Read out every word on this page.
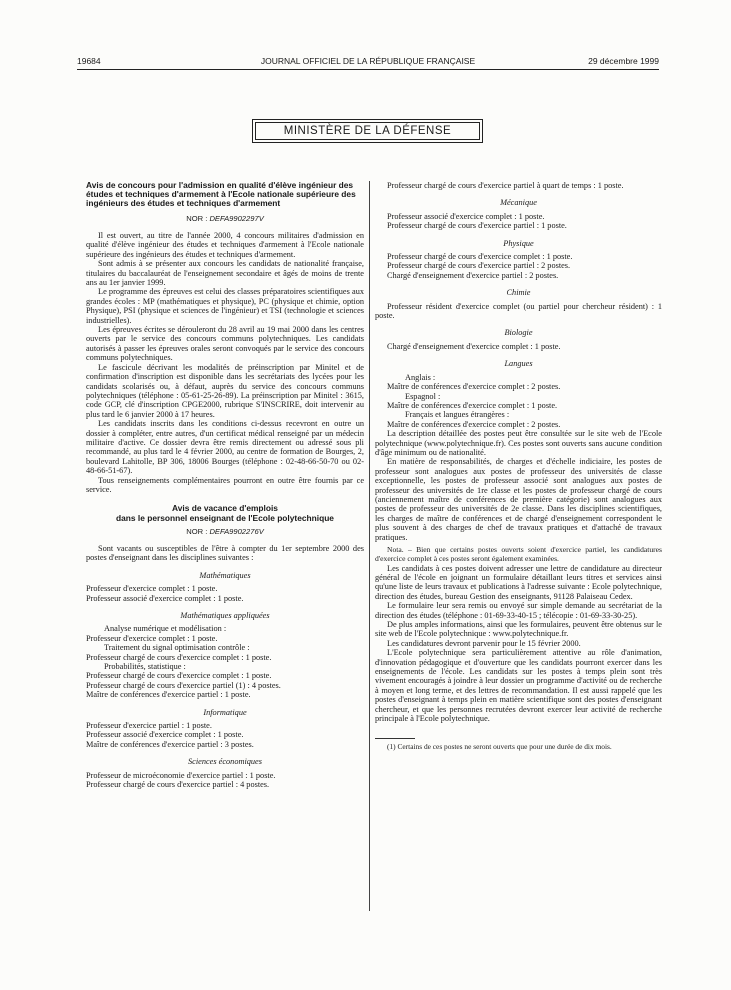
19684	JOURNAL OFFICIEL DE LA RÉPUBLIQUE FRANÇAISE	29 décembre 1999
MINISTÈRE DE LA DÉFENSE

Avis de concours pour l'admission en qualité d'élève ingénieur des études et techniques d'armement à l'Ecole nationale supérieure des ingénieurs des études et techniques d'armement

NOR : DEFA9902297V

Il est ouvert, au titre de l'année 2000, 4 concours militaires d'admission en qualité d'élève ingénieur des études et techniques d'armement à l'Ecole nationale supérieure des ingénieurs des études et techniques d'armement.

Sont admis à se présenter aux concours les candidats de nationalité française, titulaires du baccalauréat de l'enseignement secondaire et âgés de moins de trente ans au 1er janvier 1999.

Le programme des épreuves est celui des classes préparatoires scientifiques aux grandes écoles : MP (mathématiques et physique), PC (physique et chimie, option Physique), PSI (physique et sciences de l'ingénieur) et TSI (technologie et sciences industrielles).

Les épreuves écrites se dérouleront du 28 avril au 19 mai 2000 dans les centres ouverts par le service des concours communs polytechniques. Les candidats autorisés à passer les épreuves orales seront convoqués par le service des concours communs polytechniques.

Le fascicule décrivant les modalités de préinscription par Minitel et de confirmation d'inscription est disponible dans les secrétariats des lycées pour les candidats scolarisés ou, à défaut, auprès du service des concours communs polytechniques (téléphone : 05-61-25-26-89). La préinscription par Minitel : 3615, code GCP, clé d'inscription CPGE2000, rubrique S'INSCRIRE, doit intervenir au plus tard le 6 janvier 2000 à 17 heures.

Les candidats inscrits dans les conditions ci-dessus recevront en outre un dossier à compléter, entre autres, d'un certificat médical renseigné par un médecin militaire d'active. Ce dossier devra être remis directement ou adressé sous pli recommandé, au plus tard le 4 février 2000, au centre de formation de Bourges, 2, boulevard Lahitolle, BP 306, 18006 Bourges (téléphone : 02-48-66-50-70 ou 02-48-66-51-67).

Tous renseignements complémentaires pourront en outre être fournis par ce service.

Avis de vacance d'emplois
dans le personnel enseignant de l'Ecole polytechnique
NOR : DEFA9902276V

Sont vacants ou susceptibles de l'être à compter du 1er septembre 2000 des postes d'enseignant dans les disciplines suivantes :

Mathématiques

Professeur d'exercice complet : 1 poste.

Professeur associé d'exercice complet : 1 poste.

Mathématiques appliquées

Analyse numérique et modélisation :

Professeur d'exercice complet : 1 poste.

Traitement du signal optimisation contrôle :

Professeur chargé de cours d'exercice complet : 1 poste.

Probabilités, statistique :

Professeur chargé de cours d'exercice complet : 1 poste.

Professeur chargé de cours d'exercice partiel (1) : 4 postes.

Maître de conférences d'exercice partiel : 1 poste.

Informatique

Professeur d'exercice partiel : 1 poste.

Professeur associé d'exercice complet : 1 poste.

Maître de conférences d'exercice partiel : 3 postes.

Sciences économiques

Professeur de microéconomie d'exercice partiel : 1 poste.

Professeur chargé de cours d'exercice partiel : 4 postes.

Professeur chargé de cours d'exercice partiel à quart de temps : 1 poste.

Mécanique

Professeur associé d'exercice complet : 1 poste.

Professeur chargé de cours d'exercice partiel : 1 poste.

Physique

Professeur chargé de cours d'exercice complet : 1 poste.

Professeur chargé de cours d'exercice partiel : 2 postes.

Chargé d'enseignement d'exercice partiel : 2 postes.

Chimie

Professeur résident d'exercice complet (ou partiel pour chercheur résident) : 1 poste.

Biologie

Chargé d'enseignement d'exercice complet : 1 poste.

Langues

Anglais :

Maître de conférences d'exercice complet : 2 postes.

Espagnol :

Maître de conférences d'exercice complet : 1 poste.

Français et langues étrangères :

Maître de conférences d'exercice complet : 2 postes.

La description détaillée des postes peut être consultée sur le site web de l'Ecole polytechnique (www.polytechnique.fr). Ces postes sont ouverts sans aucune condition d'âge minimum ou de nationalité.

En matière de responsabilités, de charges et d'échelle indiciaire, les postes de professeur sont analogues aux postes de professeur des universités de classe exceptionnelle, les postes de professeur associé sont analogues aux postes de professeur des universités de 1re classe et les postes de professeur chargé de cours (anciennement maître de conférences de première catégorie) sont analogues aux postes de professeur des universités de 2e classe. Dans les disciplines scientifiques, les charges de maître de conférences et de chargé d'enseignement correspondent le plus souvent à des charges de chef de travaux pratiques et d'attaché de travaux pratiques.

Nota. – Bien que certains postes ouverts soient d'exercice partiel, les candidatures d'exercice complet à ces postes seront également examinées.

Les candidats à ces postes doivent adresser une lettre de candidature au directeur général de l'école en joignant un formulaire détaillant leurs titres et services ainsi qu'une liste de leurs travaux et publications à l'adresse suivante : Ecole polytechnique, direction des études, bureau Gestion des enseignants, 91128 Palaiseau Cedex.

Le formulaire leur sera remis ou envoyé sur simple demande au secrétariat de la direction des études (téléphone : 01-69-33-40-15 ; télécopie : 01-69-33-30-25).

De plus amples informations, ainsi que les formulaires, peuvent être obtenus sur le site web de l'Ecole polytechnique : www.polytechnique.fr.

Les candidatures devront parvenir pour le 15 février 2000.

L'Ecole polytechnique sera particulièrement attentive au rôle d'animation, d'innovation pédagogique et d'ouverture que les candidats pourront exercer dans les enseignements de l'école. Les candidats sur les postes à temps plein sont très vivement encouragés à joindre à leur dossier un programme d'activité ou de recherche à moyen et long terme, et des lettres de recommandation. Il est aussi rappelé que les postes d'enseignant à temps plein en matière scientifique sont des postes d'enseignant chercheur, et que les personnes recrutées devront exercer leur activité de recherche principale à l'Ecole polytechnique.

(1) Certains de ces postes ne seront ouverts que pour une durée de dix mois.
